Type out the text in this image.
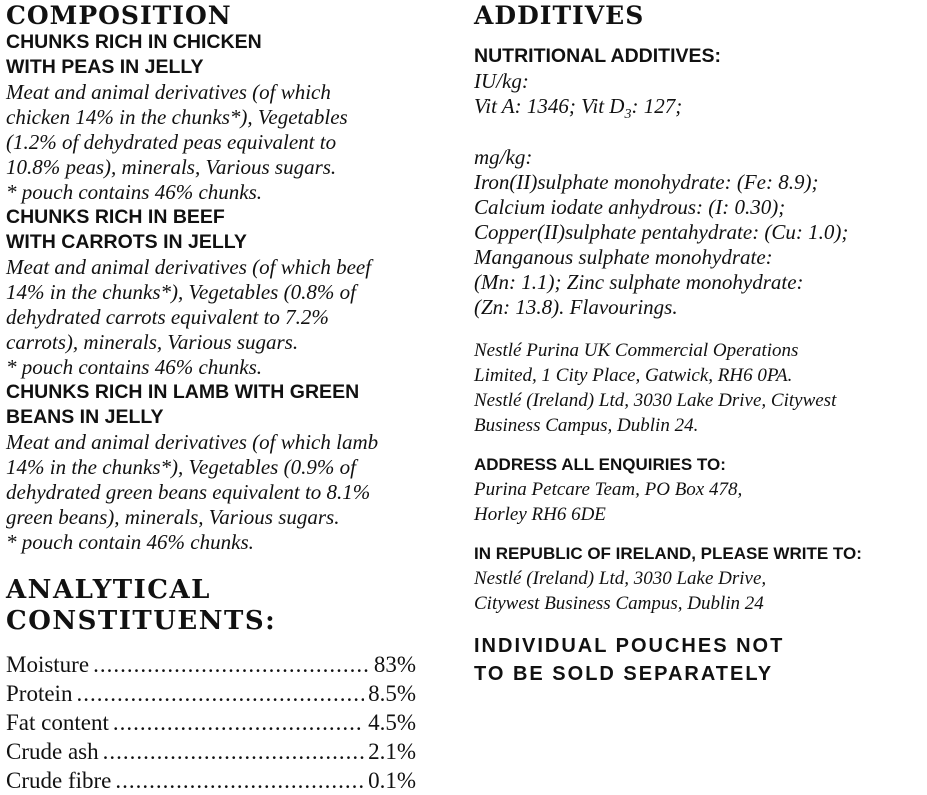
COMPOSITION

CHUNKS RICH IN CHICKEN

WITH PEAS IN JELLY

Meat and animal derivatives (of which

chicken 14% in the chunks*), Vegetables

(1.2% of dehydrated peas equivalent to

10.8% peas), minerals, Various sugars.

* pouch contains 46% chunks.

CHUNKS RICH IN BEEF

WITH CARROTS IN JELLY

Meat and animal derivatives (of which beef

14% in the chunks*), Vegetables (0.8% of

dehydrated carrots equivalent to 7.2%

carrots), minerals, Various sugars.

* pouch contains 46% chunks.

CHUNKS RICH IN LAMB WITH GREEN

BEANS IN JELLY

Meat and animal derivatives (of which lamb

14% in the chunks*), Vegetables (0.9% of

dehydrated green beans equivalent to 8.1%

green beans), minerals, Various sugars.

* pouch contain 46% chunks.

ANALYTICAL
CONSTITUENTS:
Moisture .....	83%
Protein .....	8.5%
Fat content .....	4.5%
Crude ash .....	2.1%
Crude fibre .....	0.1%
ADDITIVES

NUTRITIONAL ADDITIVES:

IU/kg:

Vit A: 1346; Vit $D_3$: 127;

mg/kg:

Iron(II)sulphate monohydrate: (Fe: 8.9);

Calcium iodate anhydrous: (I: 0.30);

Copper(II)sulphate pentahydrate: (Cu: 1.0);

Manganous sulphate monohydrate:

(Mn: 1.1); Zinc sulphate monohydrate:

(Zn: 13.8). Flavourings.

Nestlé Purina UK Commercial Operations

Limited, 1 City Place, Gatwick, RH6 0PA.

Nestlé (Ireland) Ltd, 3030 Lake Drive, Citywest

Business Campus, Dublin 24.

ADDRESS ALL ENQUIRIES TO:

Purina Petcare Team, PO Box 478,

Horley RH6 6DE

IN REPUBLIC OF IRELAND, PLEASE WRITE TO:

Nestlé (Ireland) Ltd, 3030 Lake Drive,

Citywest Business Campus, Dublin 24

INDIVIDUAL POUCHES NOT

TO BE SOLD SEPARATELY
